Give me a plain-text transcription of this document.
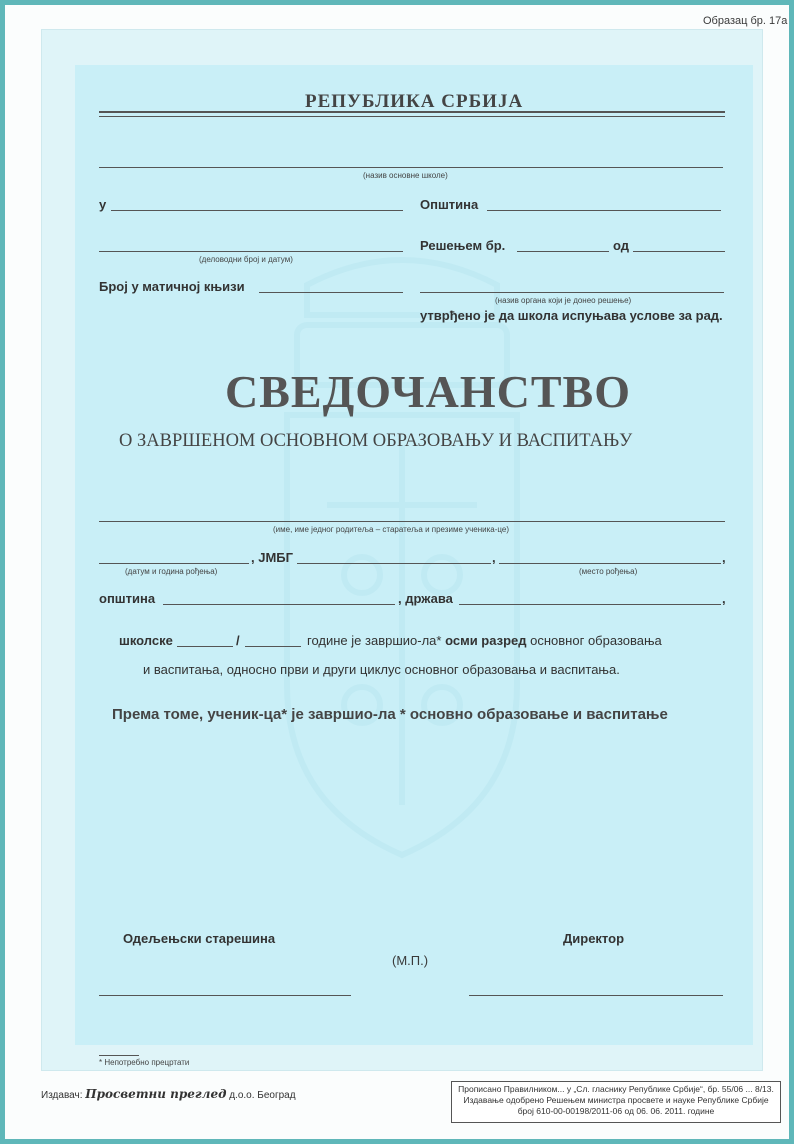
Образац бр. 17а
РЕПУБЛИКА СРБИЈА
(назив основне школе)
у	Општина
(деловодни број и датум)
Решењем бр.	од
Број у матичној књизи
(назив органа који је донео решење)
утврђено је да школа испуњава услове за рад.
СВЕДОЧАНСТВО
О ЗАВРШЕНОМ ОСНОВНОМ ОБРАЗОВАЊУ И ВАСПИТАЊУ
(име, име једног родитеља – старатеља и презиме ученика-це)
(датум и година рођења)
, ЈМБГ	,	,
(место рођења)
општина	, држава	,
школске	/	године је завршио-ла* осми разред основног образовања
и васпитања, односно први и други циклус основног образовања и васпитања.
Према томе, ученик-ца* је завршио-ла * основно образовање и васпитање
Одељењски старешина	Директор
(М.П.)
* Непотребно прецртати
Издавач: Просветни преглед д.о.о. Београд
Прописано Правилником... у „Сл. гласнику Републике Србије“, бр. 55/06 ... 8/13.
Издавање одобрено Решењем министра просвете и науке Републике Србије
број 610-00-00198/2011-06 од 06. 06. 2011. године
